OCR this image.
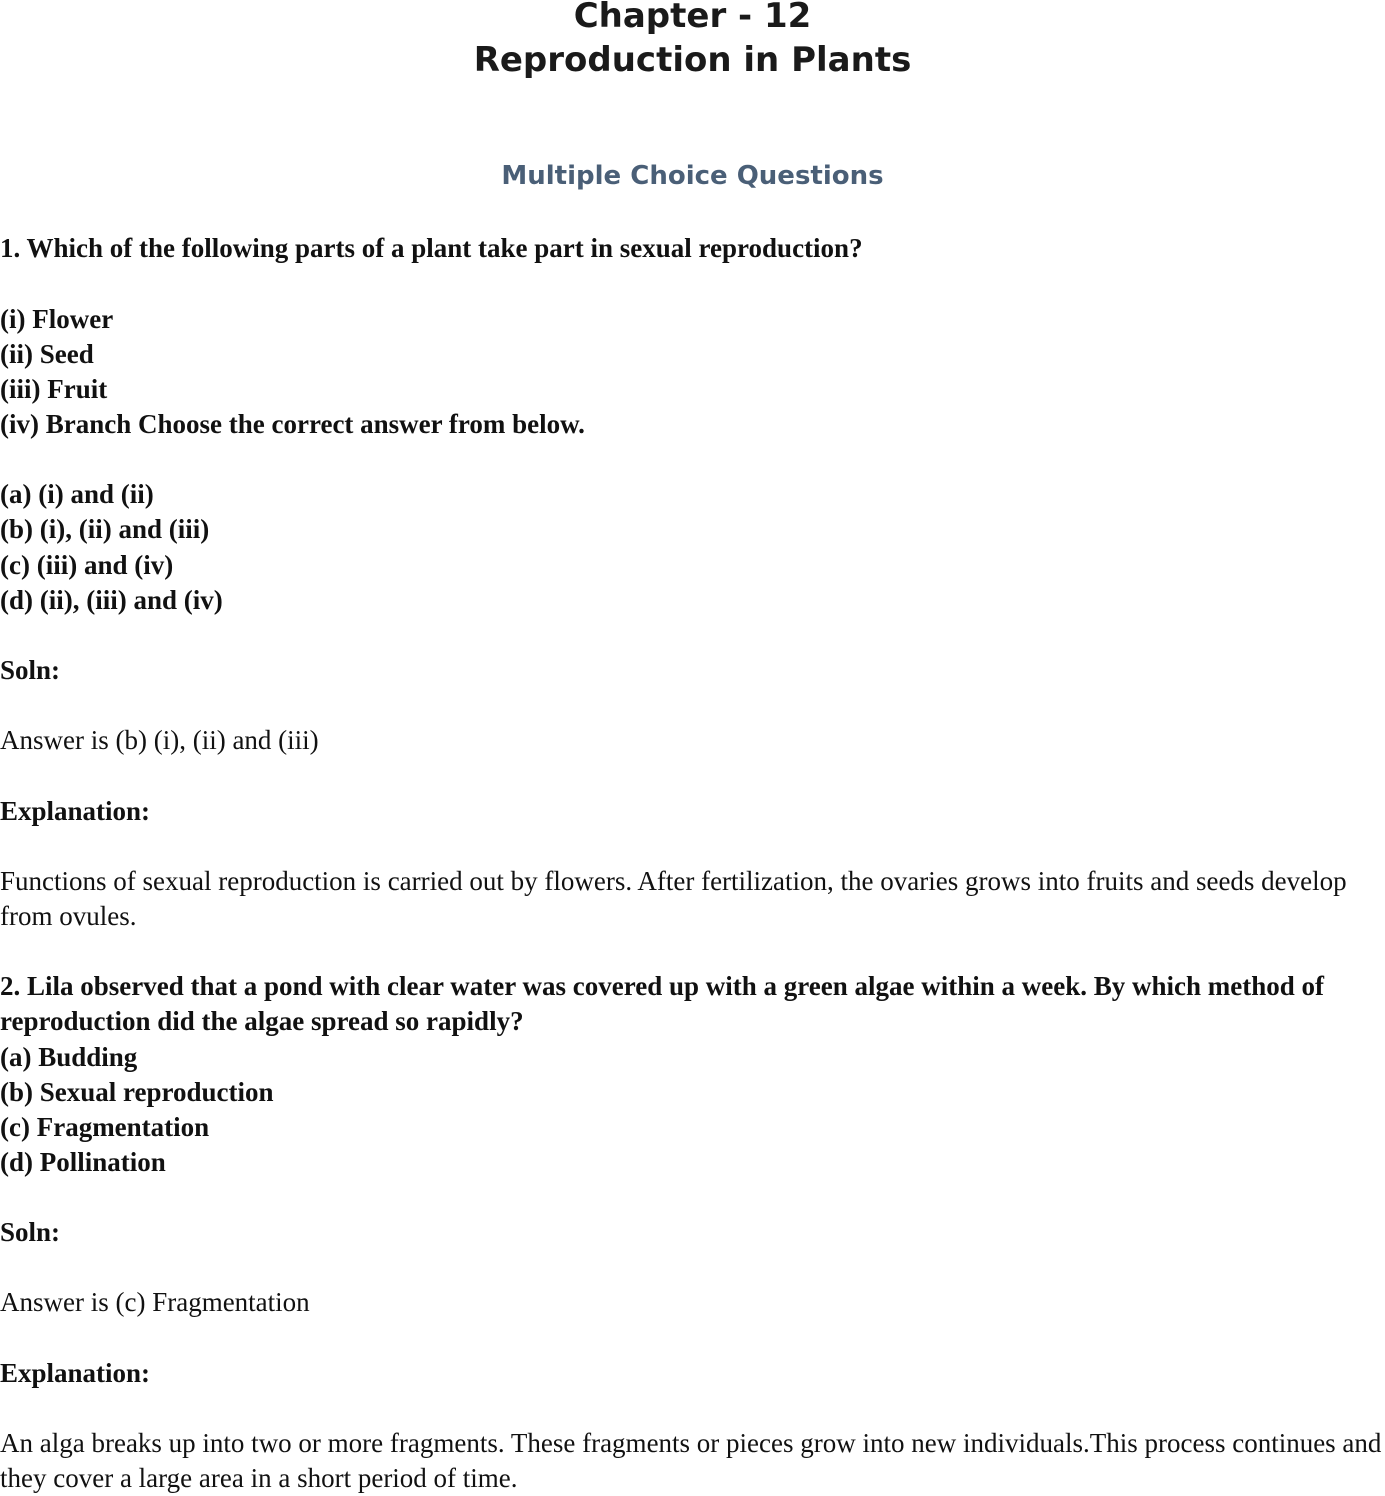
Chapter - 12
Reproduction in Plants
Multiple Choice Questions

1. Which of the following parts of a plant take part in sexual reproduction?

(i) Flower

(ii) Seed

(iii) Fruit

(iv) Branch Choose the correct answer from below.

(a) (i) and (ii)

(b) (i), (ii) and (iii)

(c) (iii) and (iv)

(d) (ii), (iii) and (iv)

Soln:

Answer is (b) (i), (ii) and (iii)

Explanation:

Functions of sexual reproduction is carried out by flowers. After fertilization, the ovaries grows into fruits and seeds develop from ovules.

2. Lila observed that a pond with clear water was covered up with a green algae within a week. By which method of reproduction did the algae spread so rapidly?

(a) Budding

(b) Sexual reproduction

(c) Fragmentation

(d) Pollination

Soln:

Answer is (c) Fragmentation

Explanation:

An alga breaks up into two or more fragments. These fragments or pieces grow into new individuals.This process continues and they cover a large area in a short period of time.
